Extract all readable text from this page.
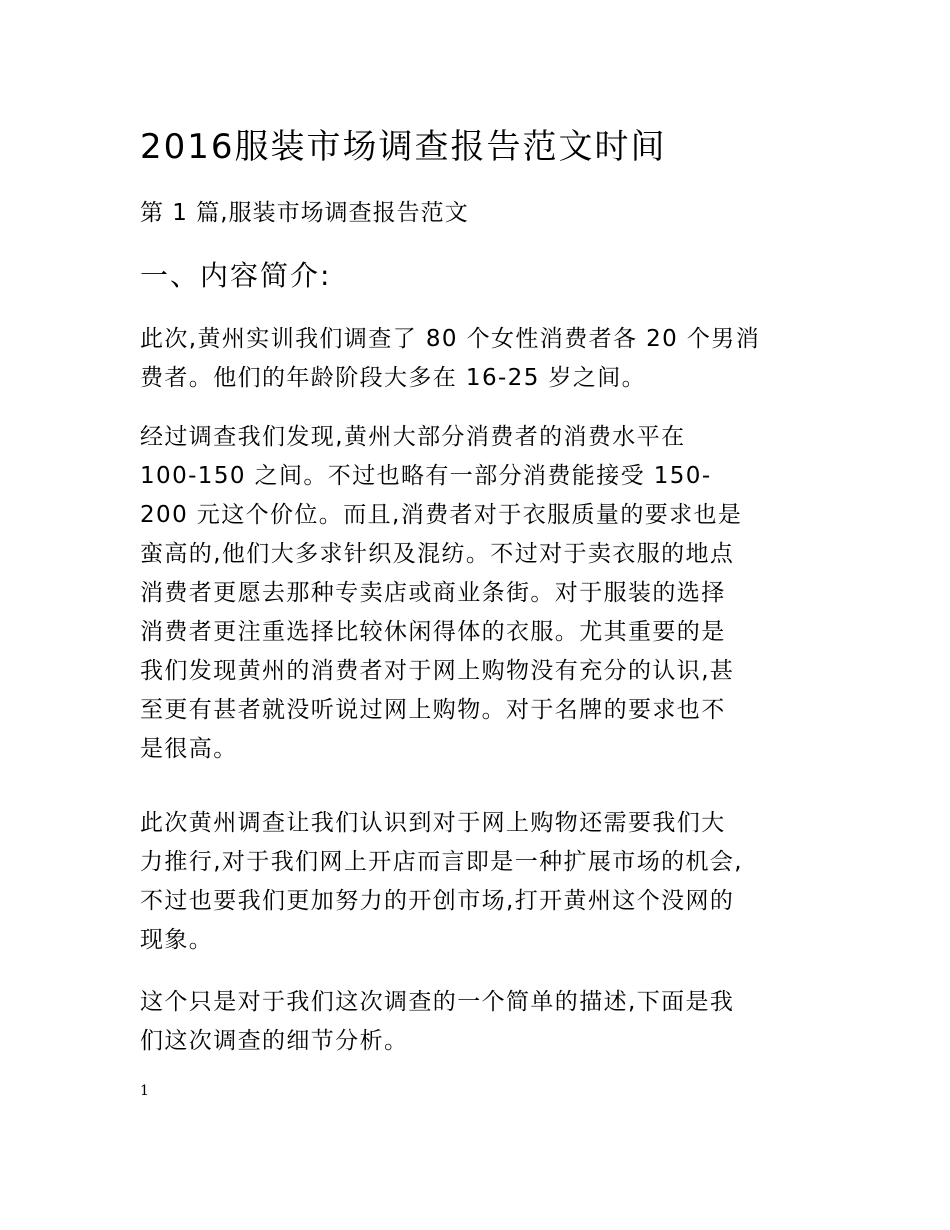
2016服装市场调查报告范文时间
第 1 篇,服装市场调查报告范文
一、内容简介:

此次,黄州实训我们调查了 80 个女性消费者各 20 个男消
费者。他们的年龄阶段大多在 16-25 岁之间。

经过调查我们发现,黄州大部分消费者的消费水平在
100-150 之间。不过也略有一部分消费能接受 150-
200 元这个价位。而且,消费者对于衣服质量的要求也是
蛮高的,他们大多求针织及混纺。不过对于卖衣服的地点
消费者更愿去那种专卖店或商业条街。对于服装的选择
消费者更注重选择比较休闲得体的衣服。尤其重要的是
我们发现黄州的消费者对于网上购物没有充分的认识,甚
至更有甚者就没听说过网上购物。对于名牌的要求也不
是很高。

此次黄州调查让我们认识到对于网上购物还需要我们大
力推行,对于我们网上开店而言即是一种扩展市场的机会,
不过也要我们更加努力的开创市场,打开黄州这个没网的
现象。

这个只是对于我们这次调查的一个简单的描述,下面是我
们这次调查的细节分析。

1
